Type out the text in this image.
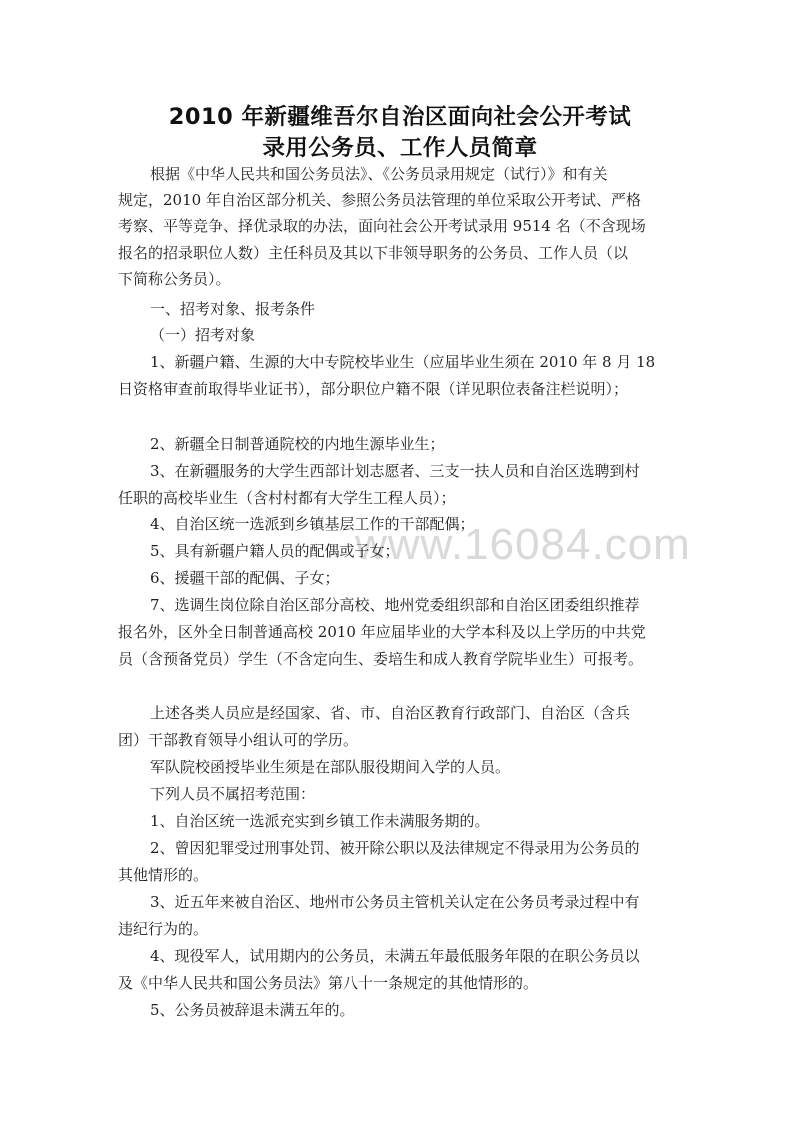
www.16084.com
2010 年新疆维吾尔自治区面向社会公开考试
录用公务员、工作人员简章
根据《中华人民共和国公务员法》、《公务员录用规定（试行）》和有关
规定，2010 年自治区部分机关、参照公务员法管理的单位采取公开考试、严格
考察、平等竞争、择优录取的办法，面向社会公开考试录用 9514 名（不含现场
报名的招录职位人数）主任科员及其以下非领导职务的公务员、工作人员（以
下简称公务员）。
一、招考对象、报考条件
（一）招考对象
1、新疆户籍、生源的大中专院校毕业生（应届毕业生须在 2010 年 8 月 18
日资格审查前取得毕业证书），部分职位户籍不限（详见职位表备注栏说明）；
2、新疆全日制普通院校的内地生源毕业生；
3、在新疆服务的大学生西部计划志愿者、三支一扶人员和自治区选聘到村
任职的高校毕业生（含村村都有大学生工程人员）；
4、自治区统一选派到乡镇基层工作的干部配偶；
5、具有新疆户籍人员的配偶或子女；
6、援疆干部的配偶、子女；
7、选调生岗位除自治区部分高校、地州党委组织部和自治区团委组织推荐
报名外，区外全日制普通高校 2010 年应届毕业的大学本科及以上学历的中共党
员（含预备党员）学生（不含定向生、委培生和成人教育学院毕业生）可报考。
上述各类人员应是经国家、省、市、自治区教育行政部门、自治区（含兵
团）干部教育领导小组认可的学历。
军队院校函授毕业生须是在部队服役期间入学的人员。
下列人员不属招考范围：
1、自治区统一选派充实到乡镇工作未满服务期的。
2、曾因犯罪受过刑事处罚、被开除公职以及法律规定不得录用为公务员的
其他情形的。
3、近五年来被自治区、地州市公务员主管机关认定在公务员考录过程中有
违纪行为的。
4、现役军人，试用期内的公务员，未满五年最低服务年限的在职公务员以
及《中华人民共和国公务员法》第八十一条规定的其他情形的。
5、公务员被辞退未满五年的。
